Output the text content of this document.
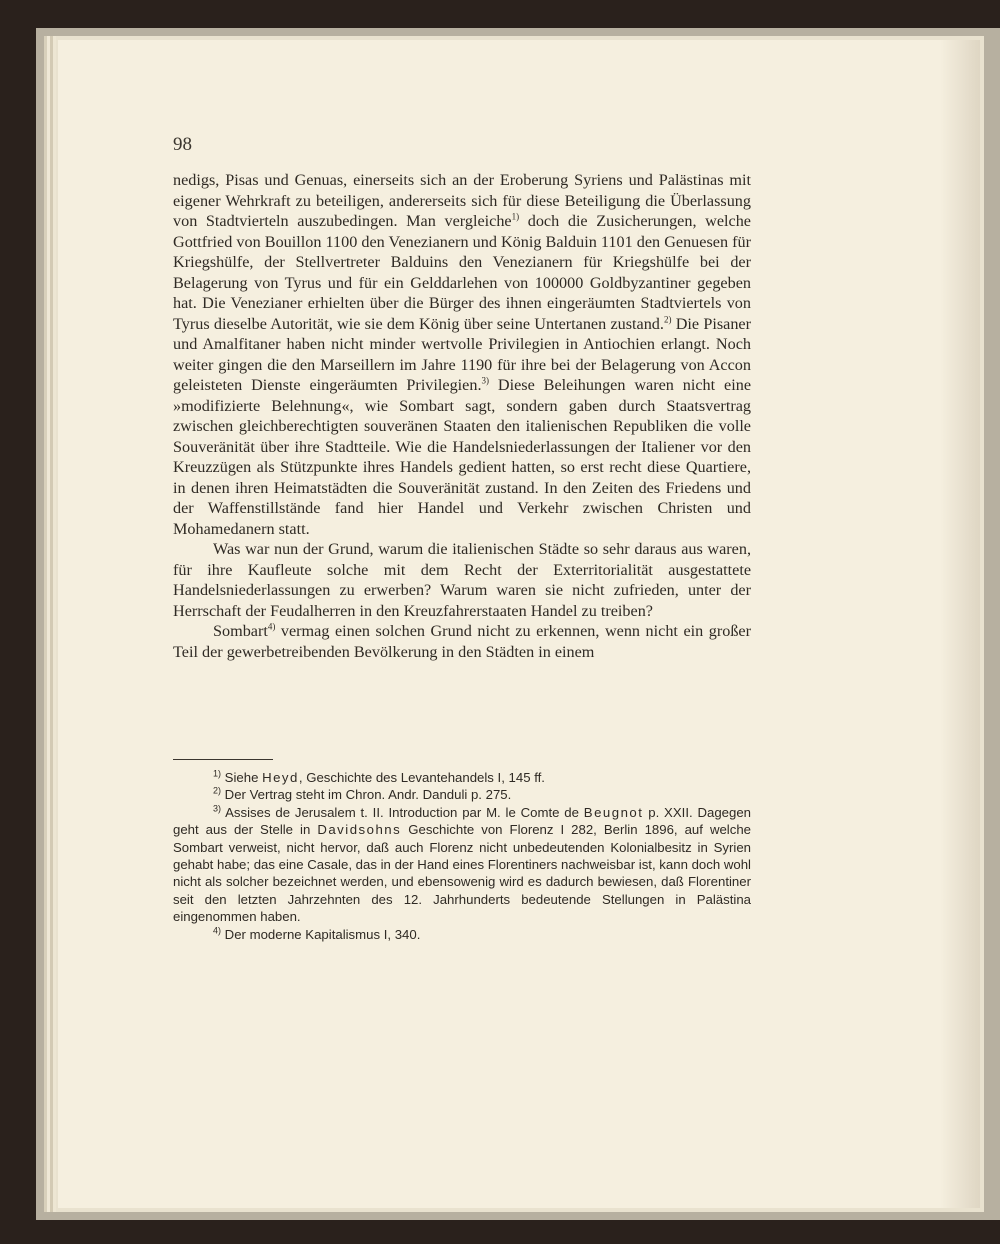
98

nedigs, Pisas und Genuas, einerseits sich an der Eroberung Syriens und Palästinas mit eigener Wehrkraft zu beteiligen, andererseits sich für diese Beteiligung die Überlassung von Stadtvierteln auszubedingen. Man vergleiche$^{1)}$ doch die Zusicherungen, welche Gottfried von Bouillon 1100 den Venezianern und König Balduin 1101 den Genuesen für Kriegshülfe, der Stellvertreter Balduins den Venezianern für Kriegshülfe bei der Belagerung von Tyrus und für ein Gelddarlehen von 100000 Goldbyzantiner gegeben hat. Die Venezianer erhielten über die Bürger des ihnen eingeräumten Stadtviertels von Tyrus dieselbe Autorität, wie sie dem König über seine Untertanen zustand.$^{2)}$ Die Pisaner und Amalfitaner haben nicht minder wertvolle Privilegien in Antiochien erlangt. Noch weiter gingen die den Marseillern im Jahre 1190 für ihre bei der Belagerung von Accon geleisteten Dienste eingeräumten Privilegien.$^{3)}$ Diese Beleihungen waren nicht eine »modifizierte Belehnung«, wie Sombart sagt, sondern gaben durch Staatsvertrag zwischen gleichberechtigten souveränen Staaten den italienischen Republiken die volle Souveränität über ihre Stadtteile. Wie die Handelsniederlassungen der Italiener vor den Kreuzzügen als Stützpunkte ihres Handels gedient hatten, so erst recht diese Quartiere, in denen ihren Heimatstädten die Souveränität zustand. In den Zeiten des Friedens und der Waffenstillstände fand hier Handel und Verkehr zwischen Christen und Mohamedanern statt.

Was war nun der Grund, warum die italienischen Städte so sehr daraus aus waren, für ihre Kaufleute solche mit dem Recht der Exterritorialität ausgestattete Handelsniederlassungen zu erwerben? Warum waren sie nicht zufrieden, unter der Herrschaft der Feudalherren in den Kreuzfahrerstaaten Handel zu treiben?

Sombart$^{4)}$ vermag einen solchen Grund nicht zu erkennen, wenn nicht ein großer Teil der gewerbetreibenden Bevölkerung in den Städten in einem

$^{1)}$ Siehe Heyd, Geschichte des Levantehandels I, 145 ff.

$^{2)}$ Der Vertrag steht im Chron. Andr. Danduli p. 275.

$^{3)}$ Assises de Jerusalem t. II. Introduction par M. le Comte de Beugnot p. XXII. Dagegen geht aus der Stelle in Davidsohns Geschichte von Florenz I 282, Berlin 1896, auf welche Sombart verweist, nicht hervor, daß auch Florenz nicht unbedeutenden Kolonialbesitz in Syrien gehabt habe; das eine Casale, das in der Hand eines Florentiners nachweisbar ist, kann doch wohl nicht als solcher bezeichnet werden, und ebensowenig wird es dadurch bewiesen, daß Florentiner seit den letzten Jahrzehnten des 12. Jahrhunderts bedeutende Stellungen in Palästina eingenommen haben.

$^{4)}$ Der moderne Kapitalismus I, 340.
